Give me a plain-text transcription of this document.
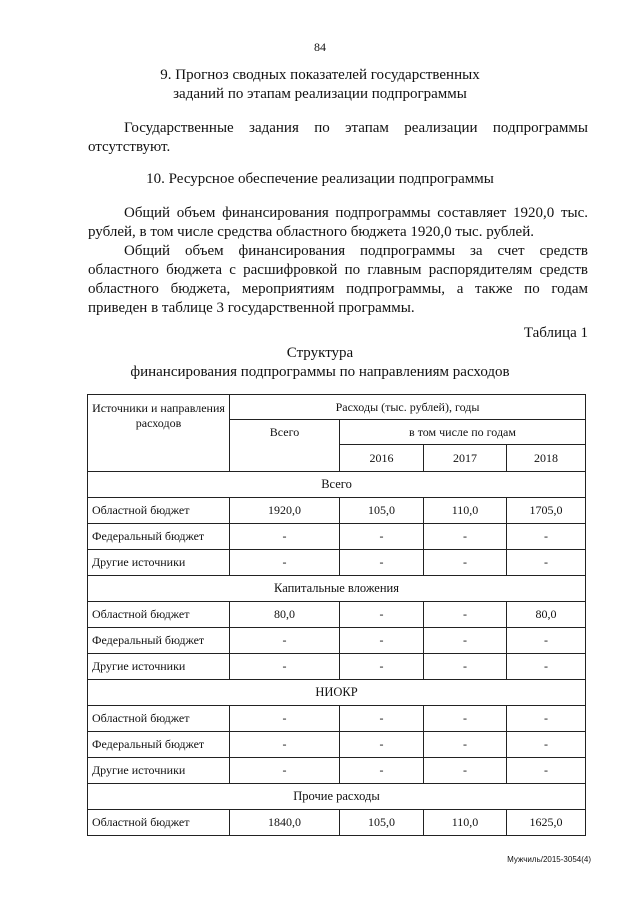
84
9. Прогноз сводных показателей государственных
заданий по этапам реализации подпрограммы

Государственные задания по этапам реализации подпрограммы отсутствуют.

10. Ресурсное обеспечение реализации подпрограммы

Общий объем финансирования подпрограммы составляет 1920,0 тыс. рублей, в том числе средства областного бюджета 1920,0 тыс. рублей.

Общий объем финансирования подпрограммы за счет средств областного бюджета с расшифровкой по главным распорядителям средств областного бюджета, мероприятиям подпрограммы, а также по годам приведен в таблице 3 государственной программы.

Таблица 1
Структура
финансирования подпрограммы по направлениям расходов
Источники и направления расходов	Расходы (тыс. рублей), годы			
	Всего	в том числе по годам		
		2016	2017	2018
Всего				
Областной бюджет	1920,0	105,0	110,0	1705,0
Федеральный бюджет	-	-	-	-
Другие источники	-	-	-	-
Капитальные вложения				
Областной бюджет	80,0	-	-	80,0
Федеральный бюджет	-	-	-	-
Другие источники	-	-	-	-
НИОКР				
Областной бюджет	-	-	-	-
Федеральный бюджет	-	-	-	-
Другие источники	-	-	-	-
Прочие расходы				
Областной бюджет	1840,0	105,0	110,0	1625,0
Мужчиль/2015-3054(4)
